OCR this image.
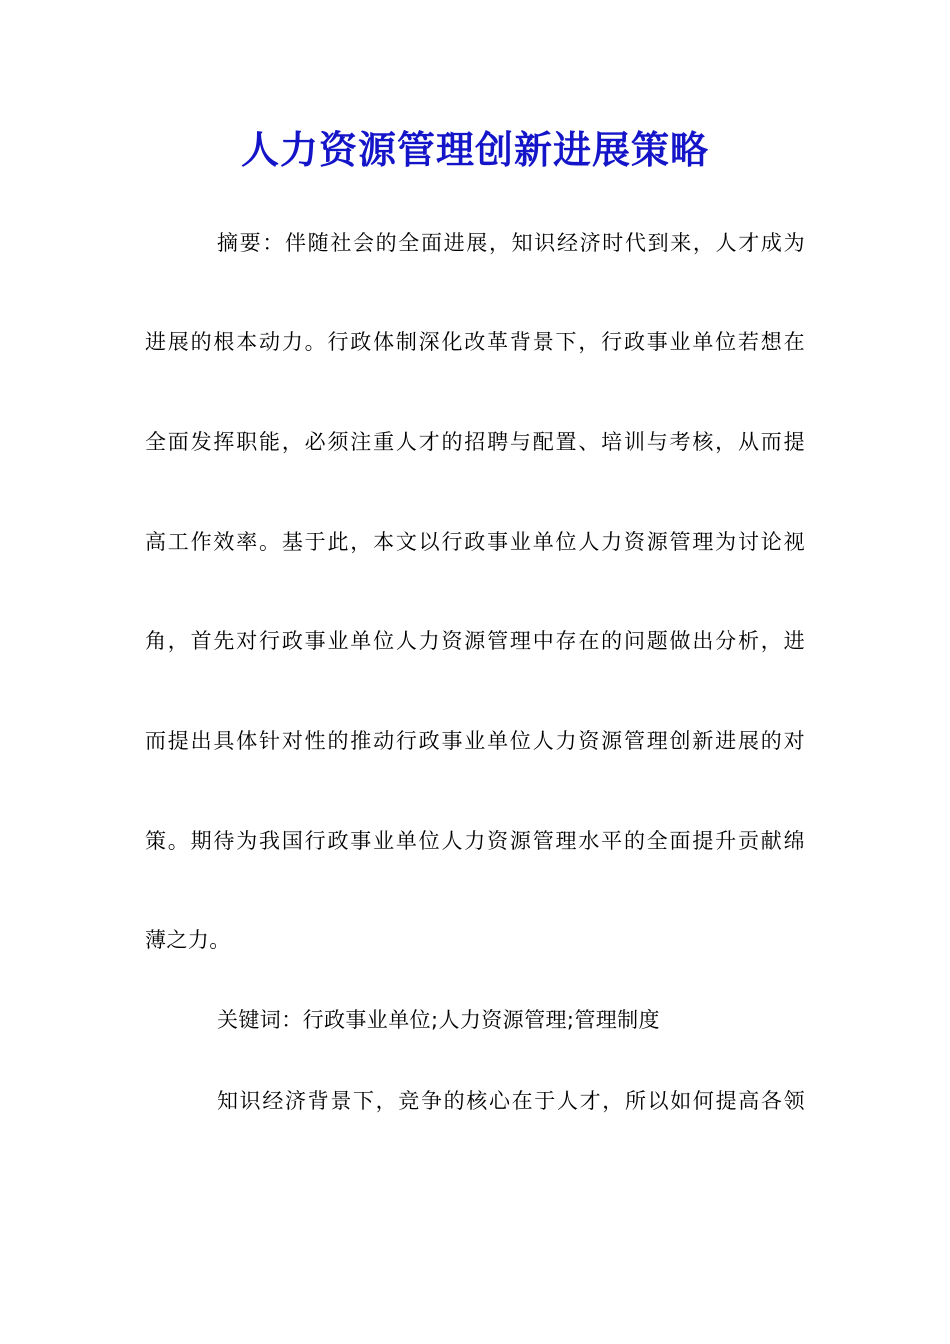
人力资源管理创新进展策略
摘要：伴随社会的全面进展，知识经济时代到来，人才成为
进展的根本动力。行政体制深化改革背景下，行政事业单位若想在
全面发挥职能，必须注重人才的招聘与配置、培训与考核，从而提
高工作效率。基于此，本文以行政事业单位人力资源管理为讨论视
角，首先对行政事业单位人力资源管理中存在的问题做出分析，进
而提出具体针对性的推动行政事业单位人力资源管理创新进展的对
策。期待为我国行政事业单位人力资源管理水平的全面提升贡献绵
薄之力。
关键词：行政事业单位;人力资源管理;管理制度
知识经济背景下，竞争的核心在于人才，所以如何提高各领
